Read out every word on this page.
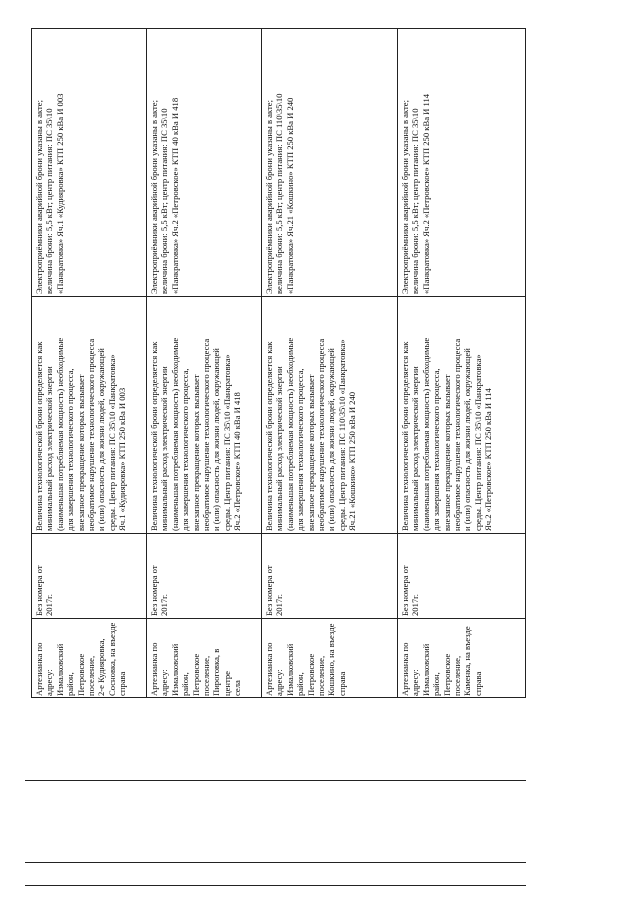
Электроприёмники аварийной брони указаны в акте;
величина брони: 5,5 кВт; центр питания: ПС 35\10
«Панкратовка» Яч.1 «Кудияровка» КТП 250 кВа И 003
Величина технологической брони определяется как
минимальный расход электрической энергии
(наименьшая потребляемая мощность) необходимые
для завершения технологического процесса,
внезапное прекращение которых вызывает
необратимое нарушение технологического процесса
и (или) опасность для жизни людей, окружающей
среды. Центр питания: ПС 35\10 «Панкратовка»
Яч.1 «Кудияровка» КТП 250 кВа И 003
Без номера от
2017г.
Артезианка по адресу:
Измалковский район,
Петровское поселение,
2-е Кудияровка,
Сосновка, на въезде
справа
Электроприёмники аварийной брони указаны в акте;
величина брони: 5,5 кВт; центр питания: ПС 35\10
«Панкратовка» Яч.2 «Петровское» КТП 40 кВа И 418
Величина технологической брони определяется как
минимальный расход электрической энергии
(наименьшая потребляемая мощность) необходимые
для завершения технологического процесса,
внезапное прекращение которых вызывает
необратимое нарушение технологического процесса
и (или) опасность для жизни людей, окружающей
среды. Центр питания: ПС 35\10 «Панкратовка»
Яч.2 «Петровское» КТП 40 кВа И 418
Без номера от
2017г.
Артезианка по адресу:
Измалковский район,
Петровское поселение,
Пироговка, в центре
села
Электроприёмники аварийной брони указаны в акте;
величина брони: 5,5 кВт; центр питания: ПС 110\35\10
«Панкратовка» Яч.21 «Кошкино» КТП 250 кВа И 240
Величина технологической брони определяется как
минимальный расход электрической энергии
(наименьшая потребляемая мощность) необходимые
для завершения технологического процесса,
внезапное прекращение которых вызывает
необратимое нарушение технологического процесса
и (или) опасность для жизни людей, окружающей
среды. Центр питания: ПС 110\35\10 «Панкратовка»
Яч.21 «Кошкино» КТП 250 кВа И 240
Без номера от
2017г.
Артезианка по адресу:
Измалковский район,
Петровское поселение,
Кошкино, на въезде
справа
Электроприёмники аварийной брони указаны в акте;
величина брони: 5,5 кВт; центр питания: ПС 35\10
«Панкратовка» Яч.2 «Петровское» КТП 250 кВа И 114
Величина технологической брони определяется как
минимальный расход электрической энергии
(наименьшая потребляемая мощность) необходимые
для завершения технологического процесса,
внезапное прекращение которых вызывает
необратимое нарушение технологического процесса
и (или) опасность для жизни людей, окружающей
среды. Центр питания: ПС 35\10 «Панкратовка»
Яч.2 «Петровское» КТП 250 кВа И 114
Без номера от
2017г.
Артезианка по адресу:
Измалковский район,
Петровское поселение,
Каменка, на въезде
справа
